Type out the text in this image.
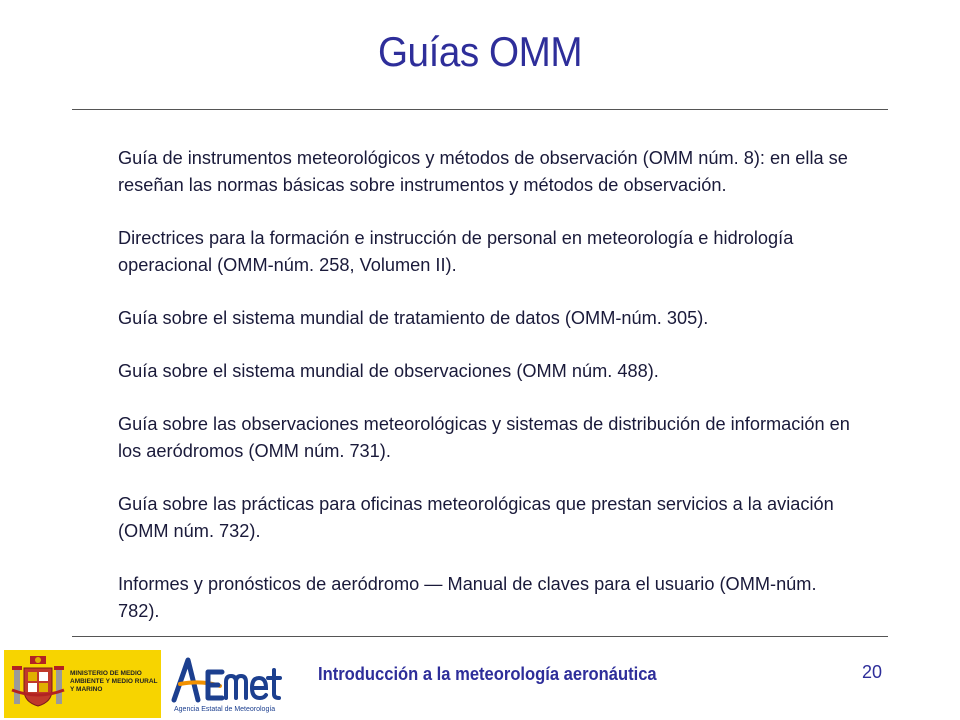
Guías OMM

Guía de instrumentos meteorológicos y métodos de observación (OMM núm. 8): en ella se reseñan las normas básicas sobre instrumentos y métodos de observación.

Directrices para la formación e instrucción de personal en meteorología e hidrología operacional (OMM-núm. 258, Volumen II).

Guía sobre el sistema mundial de tratamiento de datos (OMM-núm. 305).

Guía sobre el sistema mundial de observaciones (OMM núm. 488).

Guía sobre las observaciones meteorológicas y sistemas de distribución de información en los aeródromos (OMM núm. 731).

Guía sobre las prácticas para oficinas meteorológicas que prestan servicios a la aviación (OMM núm. 732).

Informes y pronósticos de aeródromo — Manual de claves para el usuario (OMM-núm. 782).

MINISTERIO DE MEDIO AMBIENTE Y MEDIO RURAL Y MARINO
Agencia Estatal de Meteorología
Introducción a la meteorología aeronáutica	20
